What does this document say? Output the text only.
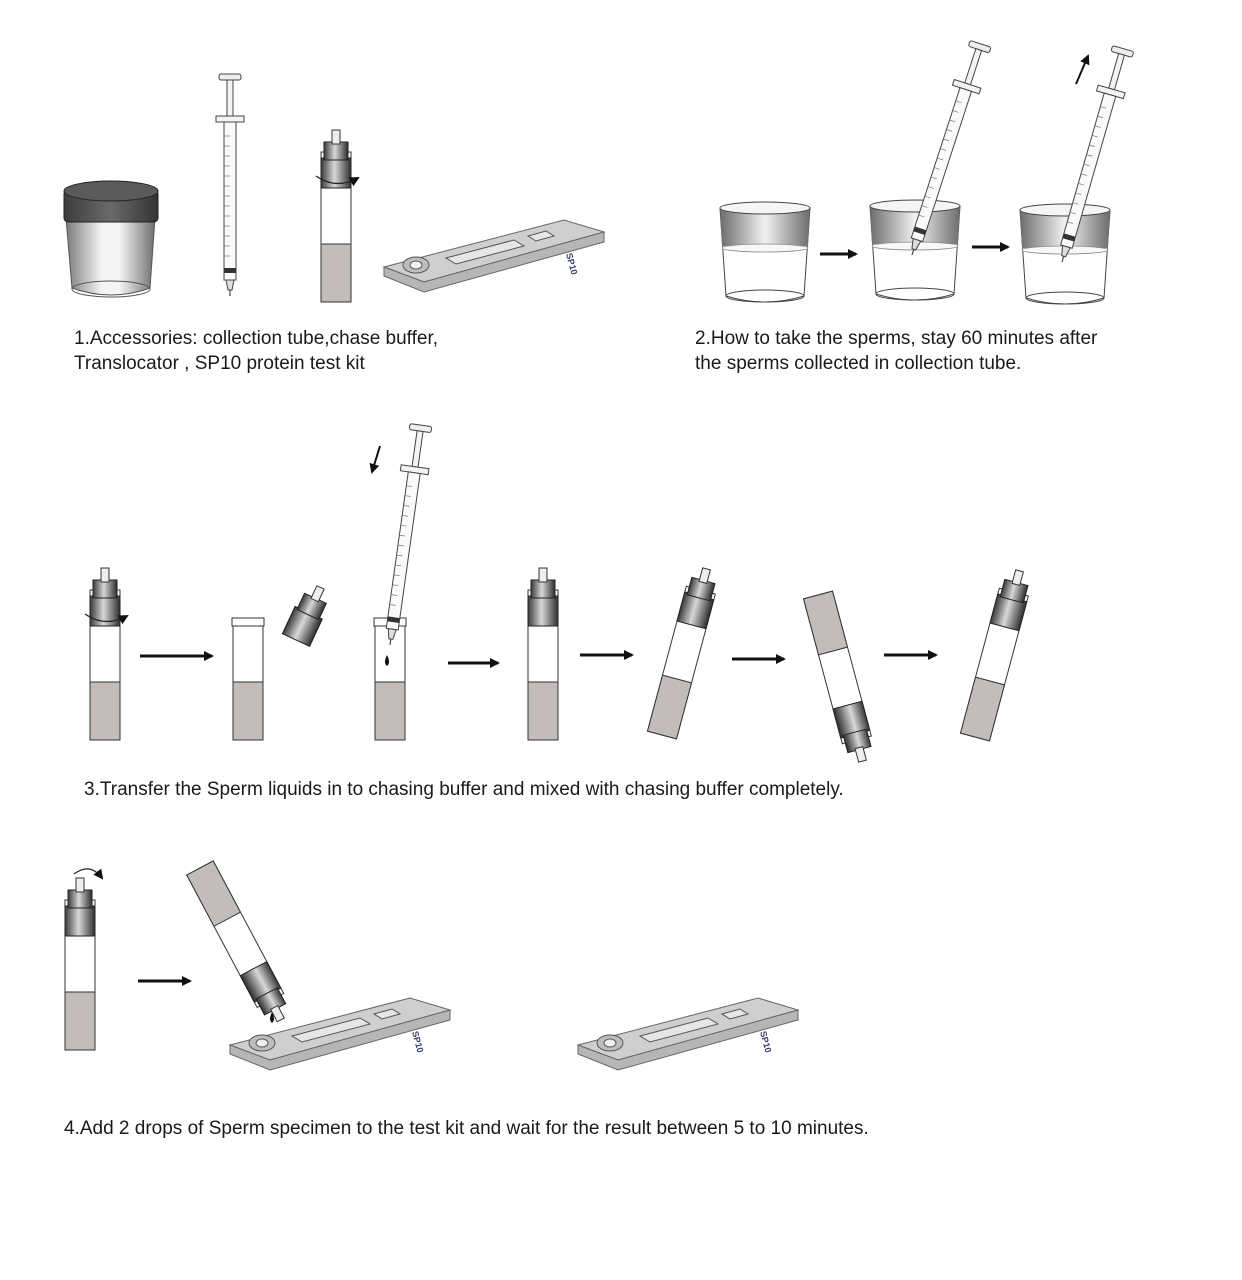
SP10
SP10	SP10
1.Accessories: collection tube,chase buffer,
Translocator , SP10 protein test kit
2.How to take the sperms, stay 60 minutes after
the sperms collected in collection tube.
3.Transfer the Sperm liquids in to chasing buffer and mixed with chasing buffer completely.
4.Add 2 drops of Sperm specimen to the test kit and wait for the result between 5 to 10 minutes.
